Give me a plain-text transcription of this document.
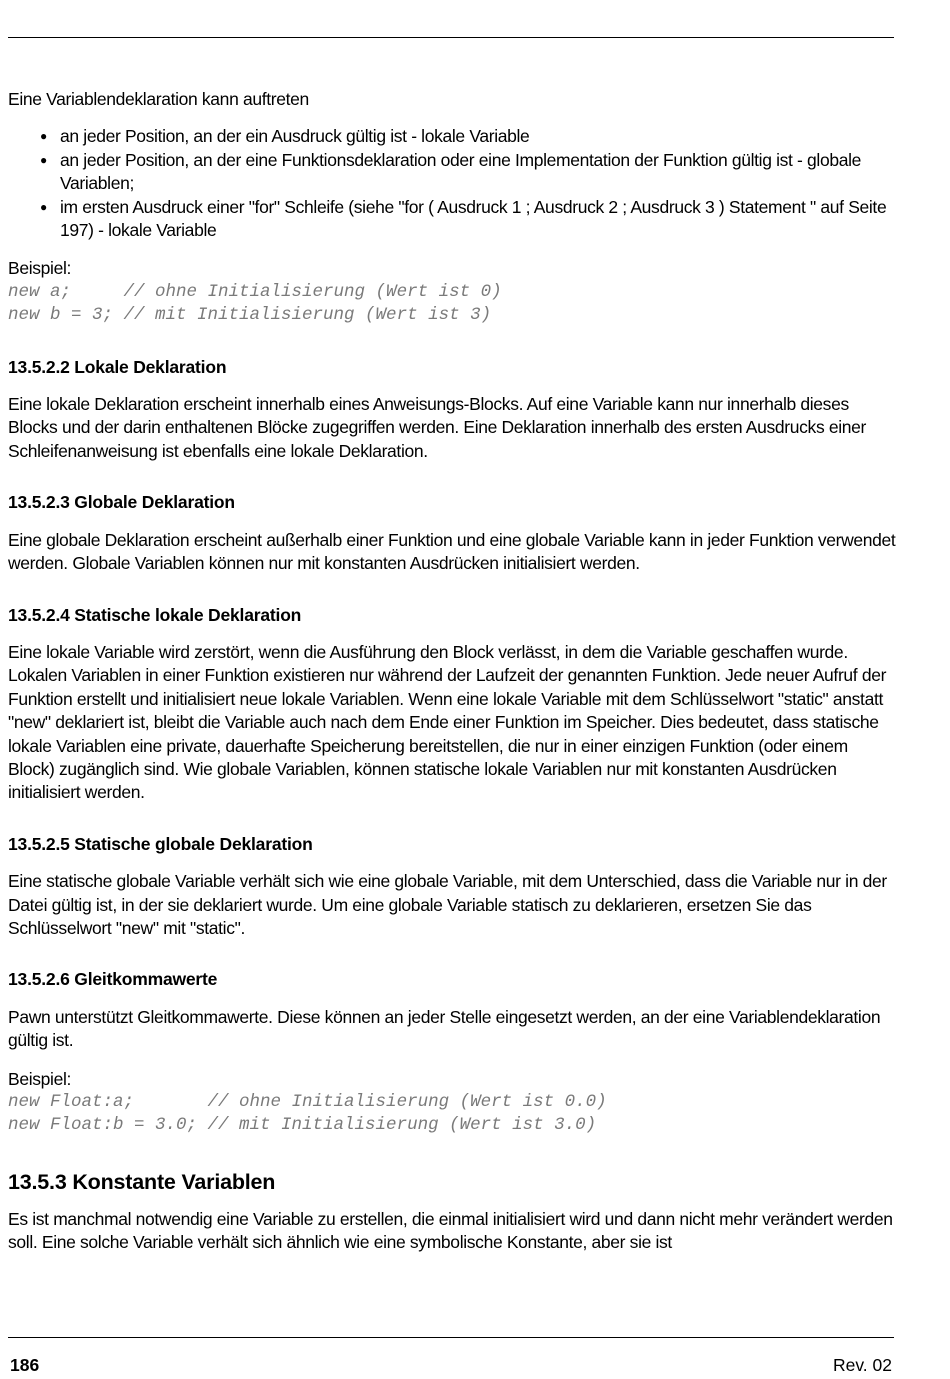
Eine Variablendeklaration kann auftreten

● an jeder Position, an der ein Ausdruck gültig ist - lokale Variable
● an jeder Position, an der eine Funktionsdeklaration oder eine Implementation der Funktion gültig ist - globale Variablen;
● im ersten Ausdruck einer "for" Schleife (siehe "for ( Ausdruck 1 ; Ausdruck 2 ; Ausdruck 3 ) Statement " auf Seite 197) - lokale Variable

Beispiel:

new a;     // ohne Initialisierung (Wert ist 0)
new b = 3; // mit Initialisierung (Wert ist 3)
13.5.2.2 Lokale Deklaration

Eine lokale Deklaration erscheint innerhalb eines Anweisungs-Blocks. Auf eine Variable kann nur innerhalb dieses Blocks und der darin enthaltenen Blöcke zugegriffen werden. Eine Deklaration innerhalb des ersten Ausdrucks einer Schleifenanweisung ist ebenfalls eine lokale Deklaration.

13.5.2.3 Globale Deklaration

Eine globale Deklaration erscheint außerhalb einer Funktion und eine globale Variable kann in jeder Funktion verwendet werden. Globale Variablen können nur mit konstanten Ausdrücken initialisiert werden.

13.5.2.4 Statische lokale Deklaration

Eine lokale Variable wird zerstört, wenn die Ausführung den Block verlässt, in dem die Variable geschaffen wurde. Lokalen Variablen in einer Funktion existieren nur während der Laufzeit der genannten Funktion. Jede neuer Aufruf der Funktion erstellt und initialisiert neue lokale Variablen. Wenn eine lokale Variable mit dem Schlüsselwort "static" anstatt "new" deklariert ist, bleibt die Variable auch nach dem Ende einer Funktion im Speicher. Dies bedeutet, dass statische lokale Variablen eine private, dauerhafte Speicherung bereitstellen, die nur in einer einzigen Funktion (oder einem Block) zugänglich sind. Wie globale Variablen, können statische lokale Variablen nur mit konstanten Ausdrücken initialisiert werden.

13.5.2.5 Statische globale Deklaration

Eine statische globale Variable verhält sich wie eine globale Variable, mit dem Unterschied, dass die Variable nur in der Datei gültig ist, in der sie deklariert wurde. Um eine globale Variable statisch zu deklarieren, ersetzen Sie das Schlüsselwort "new" mit "static".

13.5.2.6 Gleitkommawerte

Pawn unterstützt Gleitkommawerte. Diese können an jeder Stelle eingesetzt werden, an der eine Variablendeklaration gültig ist.

Beispiel:

new Float:a;       // ohne Initialisierung (Wert ist 0.0)
new Float:b = 3.0; // mit Initialisierung (Wert ist 3.0)
13.5.3 Konstante Variablen

Es ist manchmal notwendig eine Variable zu erstellen, die einmal initialisiert wird und dann nicht mehr verändert werden soll. Eine solche Variable verhält sich ähnlich wie eine symbolische Konstante, aber sie ist

186	Rev. 02
